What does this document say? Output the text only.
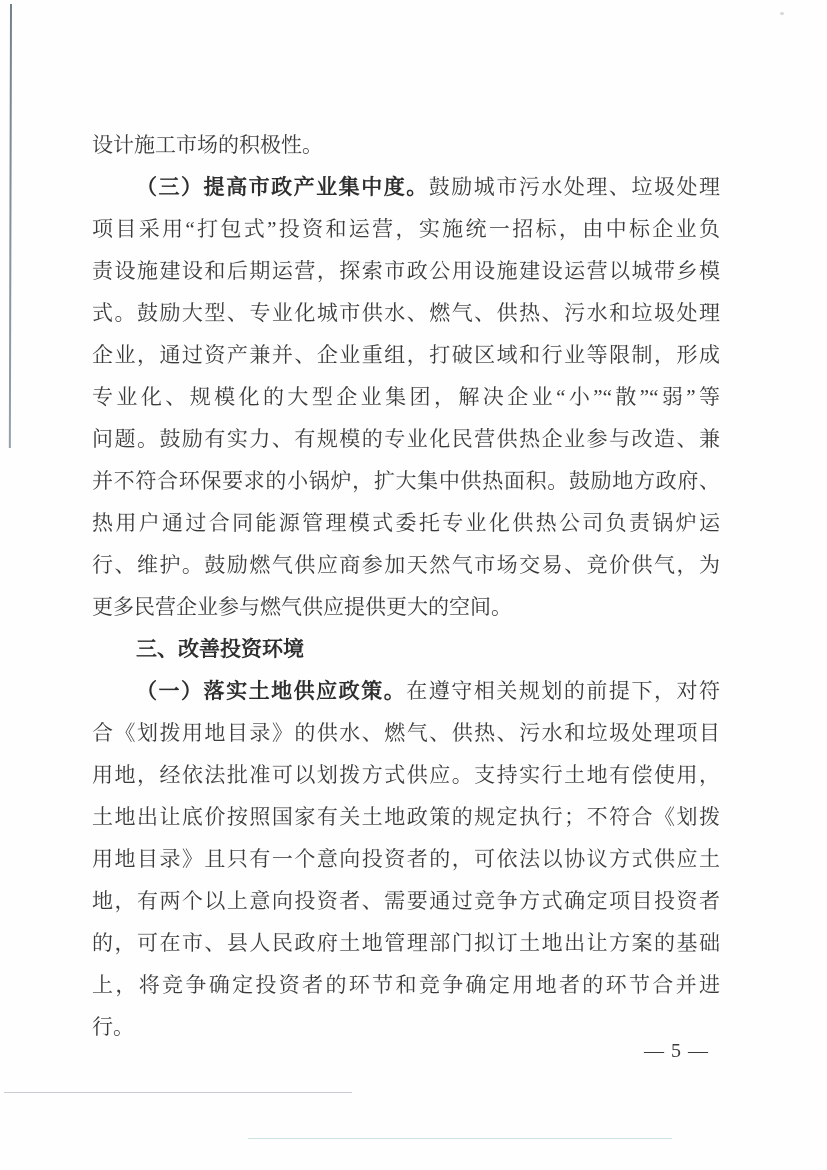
设计施工市场的积极性。
（三）提高市政产业集中度。鼓励城市污水处理、垃圾处理
项目采用“打包式”投资和运营，实施统一招标，由中标企业负
责设施建设和后期运营，探索市政公用设施建设运营以城带乡模
式。鼓励大型、专业化城市供水、燃气、供热、污水和垃圾处理
企业，通过资产兼并、企业重组，打破区域和行业等限制，形成
专业化、规模化的大型企业集团，解决企业“小”“散”“弱”等
问题。鼓励有实力、有规模的专业化民营供热企业参与改造、兼
并不符合环保要求的小锅炉，扩大集中供热面积。鼓励地方政府、
热用户通过合同能源管理模式委托专业化供热公司负责锅炉运
行、维护。鼓励燃气供应商参加天然气市场交易、竞价供气，为
更多民营企业参与燃气供应提供更大的空间。
三、改善投资环境
（一）落实土地供应政策。在遵守相关规划的前提下，对符
合《划拨用地目录》的供水、燃气、供热、污水和垃圾处理项目
用地，经依法批准可以划拨方式供应。支持实行土地有偿使用，
土地出让底价按照国家有关土地政策的规定执行；不符合《划拨
用地目录》且只有一个意向投资者的，可依法以协议方式供应土
地，有两个以上意向投资者、需要通过竞争方式确定项目投资者
的，可在市、县人民政府土地管理部门拟订土地出让方案的基础
上，将竞争确定投资者的环节和竞争确定用地者的环节合并进
行。
— 5 —
